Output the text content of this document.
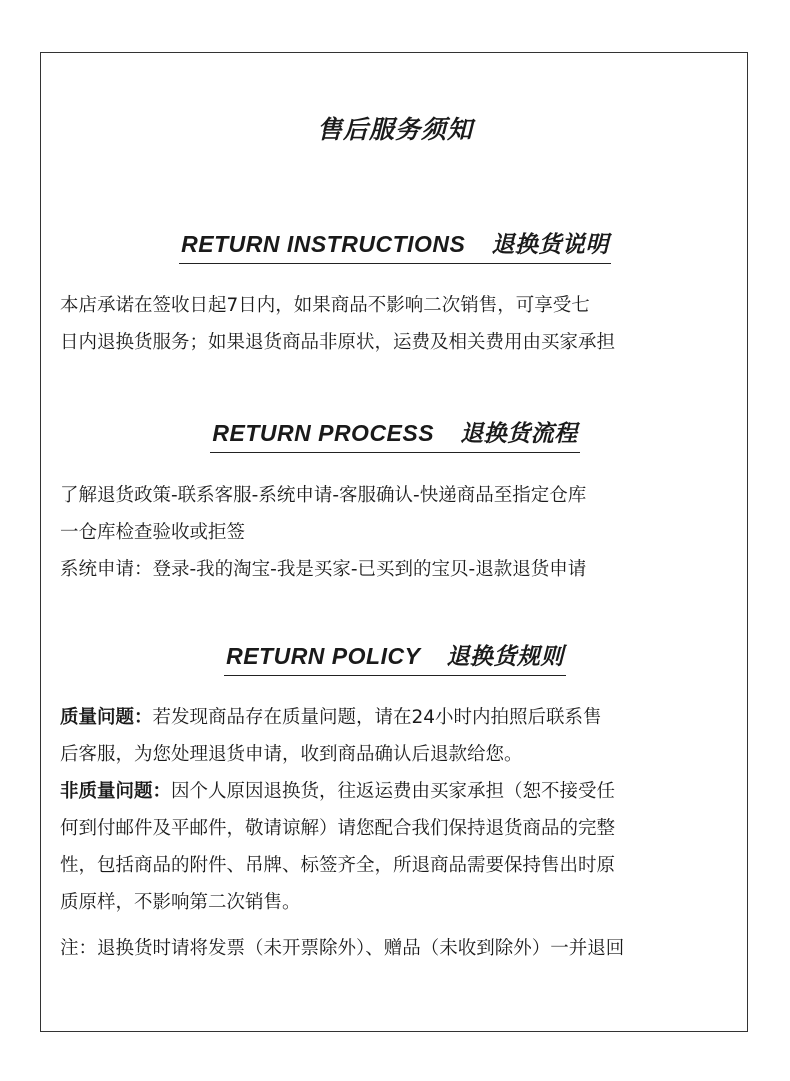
售后服务须知
RETURN INSTRUCTIONS 退换货说明
本店承诺在签收日起7日内，如果商品不影响二次销售，可享受七
日内退换货服务；如果退货商品非原状，运费及相关费用由买家承担
RETURN PROCESS 退换货流程
了解退货政策-联系客服-系统申请-客服确认-快递商品至指定仓库
一仓库检查验收或拒签
系统申请：登录-我的淘宝-我是买家-已买到的宝贝-退款退货申请
RETURN POLICY 退换货规则
质量问题：若发现商品存在质量问题，请在24小时内拍照后联系售
后客服，为您处理退货申请，收到商品确认后退款给您。
非质量问题：因个人原因退换货，往返运费由买家承担（恕不接受任
何到付邮件及平邮件，敬请谅解）请您配合我们保持退货商品的完整
性，包括商品的附件、吊牌、标签齐全，所退商品需要保持售出时原
质原样，不影响第二次销售。
注：退换货时请将发票（未开票除外）、赠品（未收到除外）一并退回
